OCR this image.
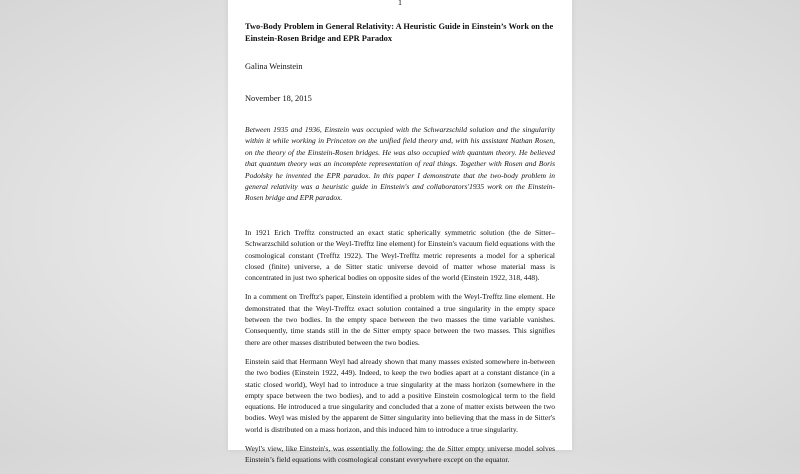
1
Two-Body Problem in General Relativity: A Heuristic Guide in Einstein’s Work on the Einstein-Rosen Bridge and EPR Paradox
Galina Weinstein
November 18, 2015
Between 1935 and 1936, Einstein was occupied with the Schwarzschild solution and the singularity within it while working in Princeton on the unified field theory and, with his assistant Nathan Rosen, on the theory of the Einstein-Rosen bridges. He was also occupied with quantum theory. He believed that quantum theory was an incomplete representation of real things. Together with Rosen and Boris Podolsky he invented the EPR paradox. In this paper I demonstrate that the two-body problem in general relativity was a heuristic guide in Einstein's and collaborators'1935 work on the Einstein-Rosen bridge and EPR paradox.

In 1921 Erich Trefftz constructed an exact static spherically symmetric solution (the de Sitter–Schwarzschild solution or the Weyl-Trefftz line element) for Einstein's vacuum field equations with the cosmological constant (Trefftz 1922). The Weyl-Trefftz metric represents a model for a spherical closed (finite) universe, a de Sitter static universe devoid of matter whose material mass is concentrated in just two spherical bodies on opposite sides of the world (Einstein 1922, 318, 448).

In a comment on Trefftz's paper, Einstein identified a problem with the Weyl-Trefftz line element. He demonstrated that the Weyl-Trefftz exact solution contained a true singularity in the empty space between the two bodies. In the empty space between the two masses the time variable vanishes. Consequently, time stands still in the de Sitter empty space between the two masses. This signifies there are other masses distributed between the two bodies.

Einstein said that Hermann Weyl had already shown that many masses existed somewhere in-between the two bodies (Einstein 1922, 449). Indeed, to keep the two bodies apart at a constant distance (in a static closed world), Weyl had to introduce a true singularity at the mass horizon (somewhere in the empty space between the two bodies), and to add a positive Einstein cosmological term to the field equations. He introduced a true singularity and concluded that a zone of matter exists between the two bodies. Weyl was misled by the apparent de Sitter singularity into believing that the mass in de Sitter's world is distributed on a mass horizon, and this induced him to introduce a true singularity.

Weyl's view, like Einstein's, was essentially the following: the de Sitter empty universe model solves Einstein’s field equations with cosmological constant everywhere except on the equator.
